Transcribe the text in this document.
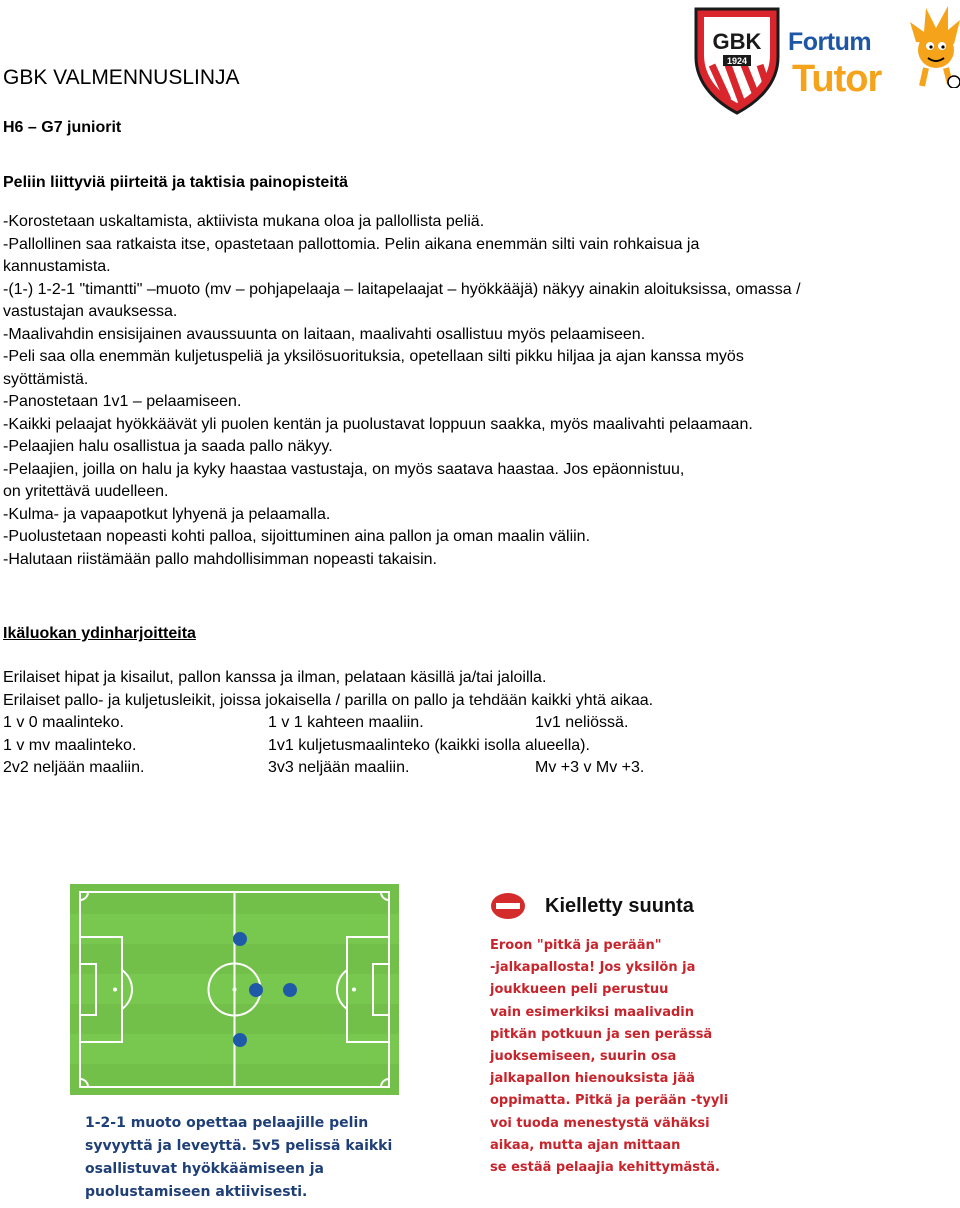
GBK
1924
Fortum
Tutor
GBK VALMENNUSLINJA
H6 – G7 juniorit
Peliin liittyviä piirteitä ja taktisia painopisteitä
-Korostetaan uskaltamista, aktiivista mukana oloa ja pallollista peliä.
-Pallollinen saa ratkaista itse, opastetaan pallottomia. Pelin aikana enemmän silti vain rohkaisua ja
kannustamista.
-(1-) 1-2-1 "timantti" –muoto (mv – pohjapelaaja – laitapelaajat – hyökkääjä) näkyy ainakin aloituksissa, omassa /
vastustajan avauksessa.
-Maalivahdin ensisijainen avaussuunta on laitaan, maalivahti osallistuu myös pelaamiseen.
-Peli saa olla enemmän kuljetuspeliä ja yksilösuorituksia, opetellaan silti pikku hiljaa ja ajan kanssa myös
syöttämistä.
-Panostetaan 1v1 – pelaamiseen.
-Kaikki pelaajat hyökkäävät yli puolen kentän ja puolustavat loppuun saakka, myös maalivahti pelaamaan.
-Pelaajien halu osallistua ja saada pallo näkyy.
-Pelaajien, joilla on halu ja kyky haastaa vastustaja, on myös saatava haastaa. Jos epäonnistuu,
on yritettävä uudelleen.
-Kulma- ja vapaapotkut lyhyenä ja pelaamalla.
-Puolustetaan nopeasti kohti palloa, sijoittuminen aina pallon ja oman maalin väliin.
-Halutaan riistämään pallo mahdollisimman nopeasti takaisin.
Ikäluokan ydinharjoitteita
Erilaiset hipat ja kisailut, pallon kanssa ja ilman, pelataan käsillä ja/tai jaloilla.
Erilaiset pallo- ja kuljetusleikit, joissa jokaisella / parilla on pallo ja tehdään kaikki yhtä aikaa.
1 v 0 maalinteko.	1 v 1 kahteen maaliin.	1v1 neliössä.
1 v mv maalinteko.	1v1 kuljetusmaalinteko (kaikki isolla alueella).
2v2 neljään maaliin.	3v3 neljään maaliin.	Mv +3 v Mv +3.
1-2-1 muoto opettaa pelaajille pelin syvyyttä ja leveyttä. 5v5 pelissä kaikki osallistuvat hyökkäämiseen ja puolustamiseen aktiivisesti.
Kielletty suunta
Eroon "pitkä ja perään"
-jalkapallosta! Jos yksilön ja
joukkueen peli perustuu
vain esimerkiksi maalivadin
pitkän potkuun ja sen perässä
juoksemiseen, suurin osa
jalkapallon hienouksista jää
oppimatta. Pitkä ja perään -tyyli
voi tuoda menestystä vähäksi
aikaa, mutta ajan mittaan
se estää pelaajia kehittymästä.
